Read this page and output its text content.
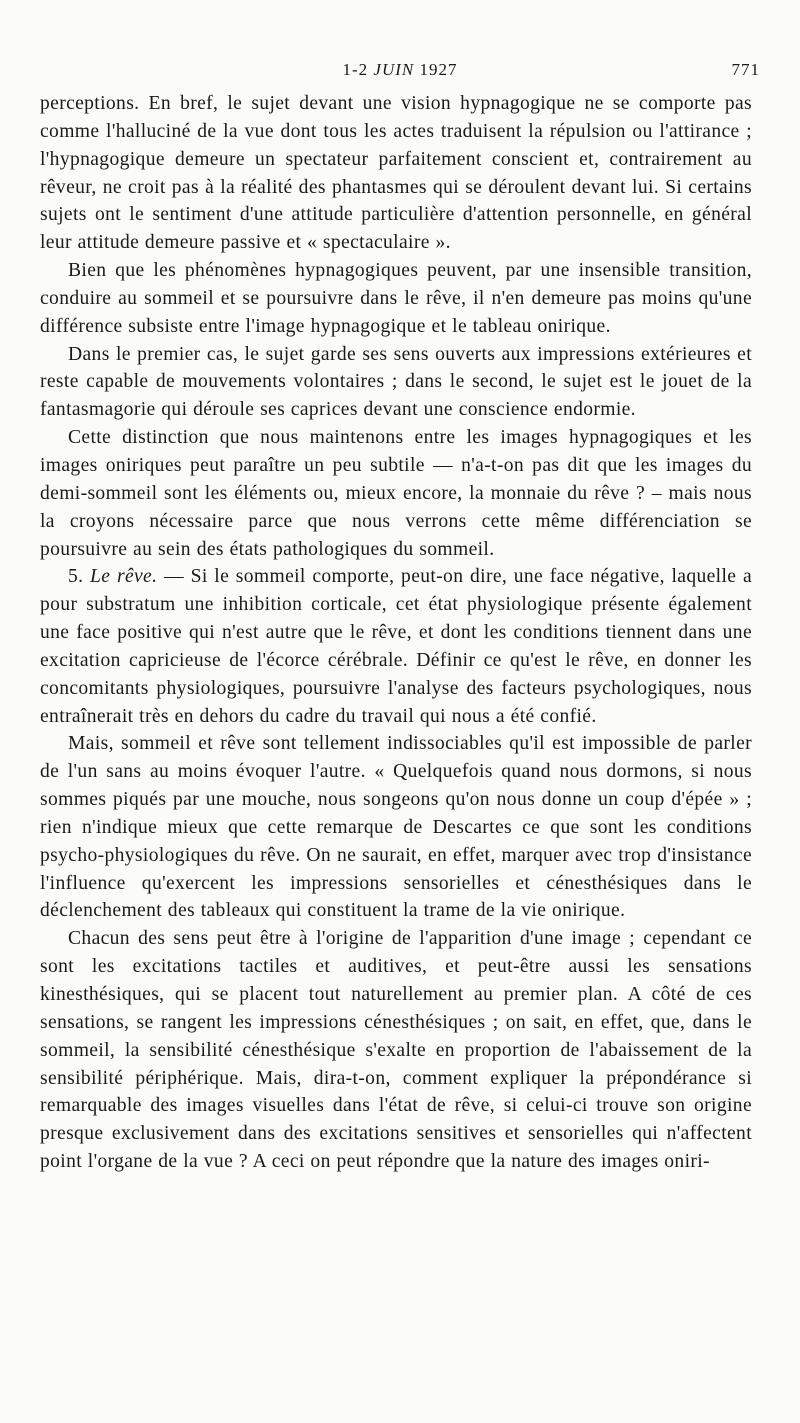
1-2 JUIN 1927	771

perceptions. En bref, le sujet devant une vision hypnagogique ne se comporte pas comme l'halluciné de la vue dont tous les actes traduisent la répulsion ou l'attirance ; l'hypnagogique demeure un spectateur parfaitement conscient et, contrairement au rêveur, ne croit pas à la réalité des phantasmes qui se déroulent devant lui. Si certains sujets ont le sentiment d'une attitude particulière d'attention personnelle, en général leur attitude demeure passive et « spectaculaire ».

Bien que les phénomènes hypnagogiques peuvent, par une insensible transition, conduire au sommeil et se poursuivre dans le rêve, il n'en demeure pas moins qu'une différence subsiste entre l'image hypnagogique et le tableau onirique.

Dans le premier cas, le sujet garde ses sens ouverts aux impressions extérieures et reste capable de mouvements volontaires ; dans le second, le sujet est le jouet de la fantasmagorie qui déroule ses caprices devant une conscience endormie.

Cette distinction que nous maintenons entre les images hypnagogiques et les images oniriques peut paraître un peu subtile — n'a-t-on pas dit que les images du demi-sommeil sont les éléments ou, mieux encore, la monnaie du rêve ? – mais nous la croyons nécessaire parce que nous verrons cette même différenciation se poursuivre au sein des états pathologiques du sommeil.

5. Le rêve. — Si le sommeil comporte, peut-on dire, une face négative, laquelle a pour substratum une inhibition corticale, cet état physiologique présente également une face positive qui n'est autre que le rêve, et dont les conditions tiennent dans une excitation capricieuse de l'écorce cérébrale. Définir ce qu'est le rêve, en donner les concomitants physiologiques, poursuivre l'analyse des facteurs psychologiques, nous entraînerait très en dehors du cadre du travail qui nous a été confié.

Mais, sommeil et rêve sont tellement indissociables qu'il est impossible de parler de l'un sans au moins évoquer l'autre. « Quelquefois quand nous dormons, si nous sommes piqués par une mouche, nous songeons qu'on nous donne un coup d'épée » ; rien n'indique mieux que cette remarque de Descartes ce que sont les conditions psycho-physiologiques du rêve. On ne saurait, en effet, marquer avec trop d'insistance l'influence qu'exercent les impressions sensorielles et cénesthésiques dans le déclenchement des tableaux qui constituent la trame de la vie onirique.

Chacun des sens peut être à l'origine de l'apparition d'une image ; cependant ce sont les excitations tactiles et auditives, et peut-être aussi les sensations kinesthésiques, qui se placent tout naturellement au premier plan. A côté de ces sensations, se rangent les impressions cénesthésiques ; on sait, en effet, que, dans le sommeil, la sensibilité cénesthésique s'exalte en proportion de l'abaissement de la sensibilité périphérique. Mais, dira-t-on, comment expliquer la prépondérance si remarquable des images visuelles dans l'état de rêve, si celui-ci trouve son origine presque exclusivement dans des excitations sensitives et sensorielles qui n'affectent point l'organe de la vue ? A ceci on peut répondre que la nature des images oniri-
